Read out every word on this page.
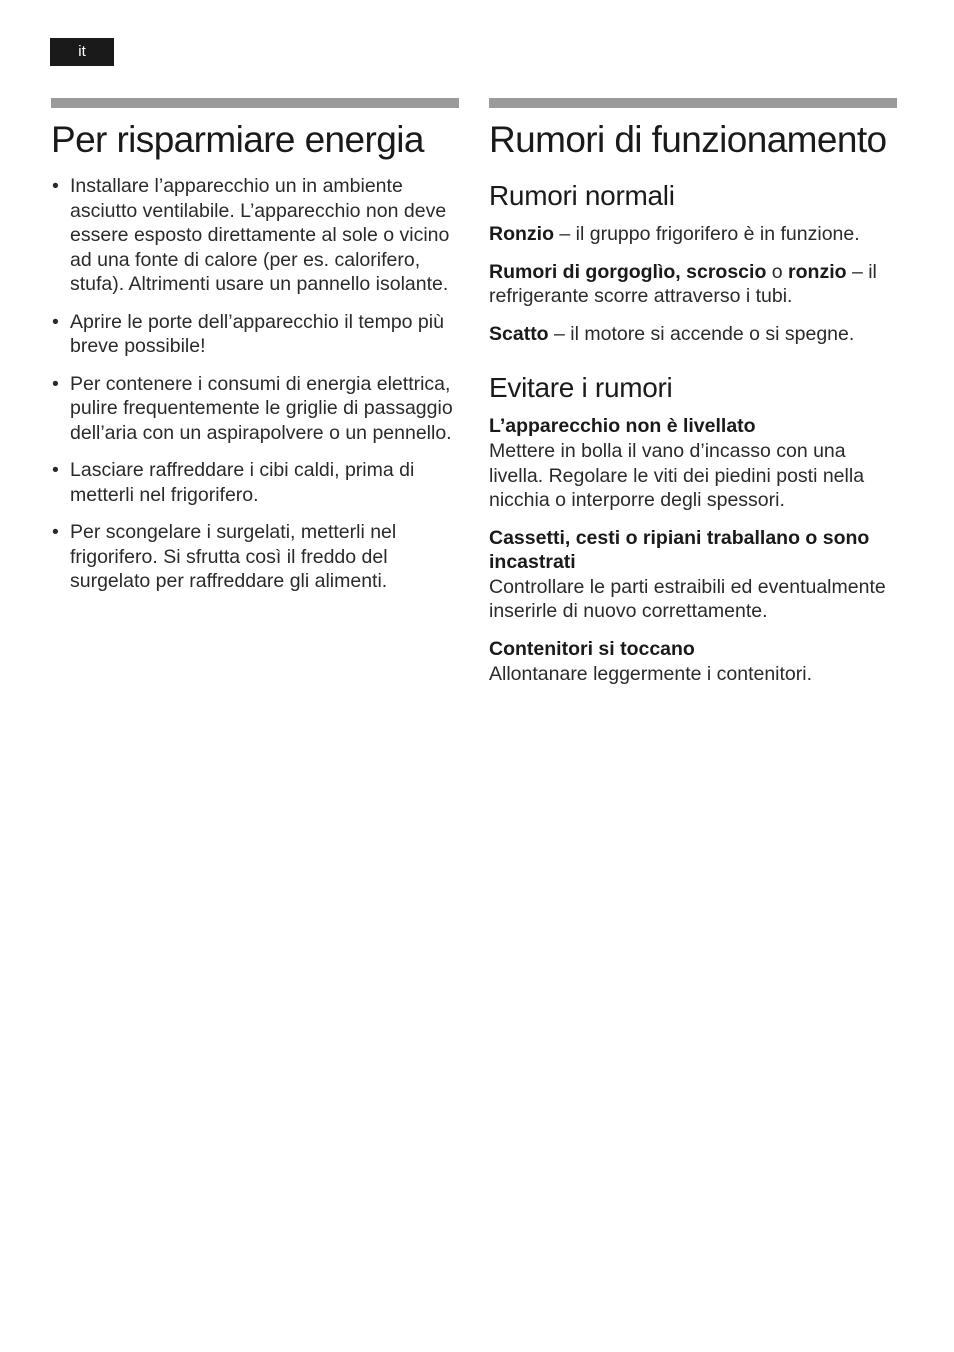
it
Per risparmiare energia
• Installare l’apparecchio un in ambiente asciutto ventilabile. L’apparecchio non deve essere esposto direttamente al sole o vicino ad una fonte di calore (per es. calorifero, stufa). Altrimenti usare un pannello isolante.
• Aprire le porte dell’apparecchio il tempo più breve possibile!
• Per contenere i consumi di energia elettrica, pulire frequentemente le griglie di passaggio dell’aria con un aspirapolvere o un pennello.
• Lasciare raffreddare i cibi caldi, prima di metterli nel frigorifero.
• Per scongelare i surgelati, metterli nel frigorifero. Si sfrutta così il freddo del surgelato per raffreddare gli alimenti.
Rumori di funzionamento
Rumori normali

Ronzio – il gruppo frigorifero è in funzione.

Rumori di gorgoglìo, scroscio o ronzio – il refrigerante scorre attraverso i tubi.

Scatto – il motore si accende o si spegne.

Evitare i rumori

L’apparecchio non è livellato

Mettere in bolla il vano d’incasso con una livella. Regolare le viti dei piedini posti nella nicchia o interporre degli spessori.

Cassetti, cesti o ripiani traballano o sono incastrati

Controllare le parti estraibili ed eventualmente inserirle di nuovo correttamente.

Contenitori si toccano

Allontanare leggermente i contenitori.
